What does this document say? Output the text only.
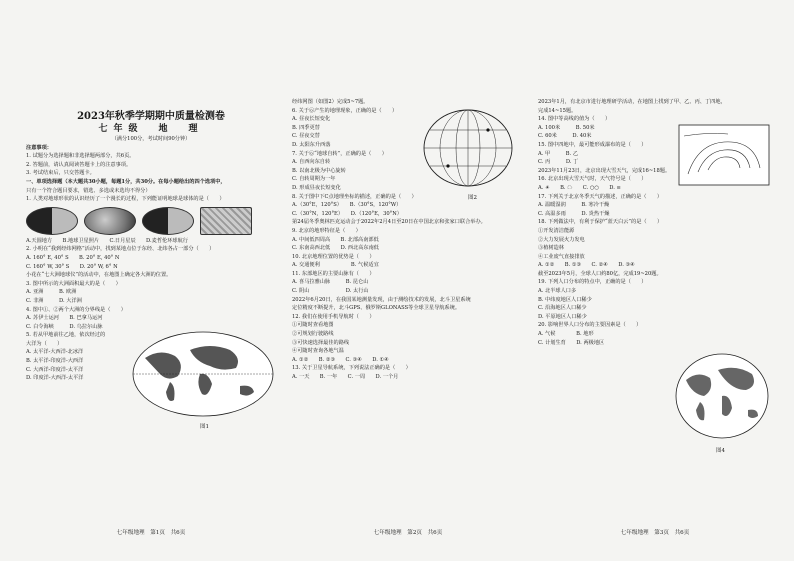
2023年秋季学期期中质量检测卷
七年级　地　理
（满分100分，考试时间90分钟）

注意事项：

1. 试题分为选择题和非选择题两部分，共6页。

2. 答题前，请认真阅读答题卡上的注意事项。

3. 考试结束后，只交答题卡。

一、单项选择题（本大题共30小题，每题1分，共30分。在每小题给出的四个选项中，

只有一个符合题目要求，错选、多选或未选均不得分）

1. 人类对地球形状的认识经历了一个漫长的过程，下列能证明地球是球体的是（　　）

A.天圆地方　　B.地球卫星照片　　C.日月星辰　　D.麦哲伦环球航行

2. 小明在“我到经纬网格”活动中，找到某地点位于东经、北纬各占一部分（　　）

A. 160° E, 40° S　　B. 20° E, 40° N

C. 160° W, 30° S　　D. 20° W, 6° N

小花在“七大洲地球仪”的活动中，在地图上确定各大洲的位置。

3. 图中所示的大洲面积最大的是（　　）

A. 亚洲　　　B. 欧洲

C. 非洲　　　D. 大洋洲

4. 图中①、②两个大洲的分界线是（　　）

A. 苏伊士运河　　B. 巴拿马运河

C. 白令海峡　　　D. 乌拉尔山脉

5. 若从甲地前往乙地，依次经过的

大洋为（　　）

A. 太平洋-大西洋-北冰洋

B. 太平洋-印度洋-大西洋

C. 大西洋-印度洋-太平洋

D. 印度洋-大西洋-太平洋

图1

经纬网图（如图2）完成5~7题。

6. 关于⑥产生的地理现象，正确的是（　　）

A. 昼夜长短变化

B. 四季更替

C. 昼夜交替

D. 太阳东升西落

7. 关于⑥“地球自转”，正确的是（　　）

A. 自西向东自转

B. 以南北极为中心旋转

C. 自转周期为一年

D. 形成昼夜长短变化

8. 关于图中下C点地理坐标的描述，正确的是（　　）

A.（30°E，120°S）　　B.（30°S，120°W）

C.（30°N，120°E）　　D.（120°E，30°N）

第24届冬季奥林匹克运动会于2022年2月4日至20日在中国北京和张家口联合举办。

9. 北京的地形特征是（　　）

A. 中间低四周高　　B. 北部高南部低

C. 东南高西北低　　D. 西北高东南低

10. 北京地理位置的优势是（　　）

A. 交通便利　　　　　　B. 气候适宜

11. 东部地区的主要山脉有（　　）

A. 喜马拉雅山脉　　　B. 昆仑山

C. 阴山　　　　　　　D. 太行山

2022年6月20日，在我国某地测量发现，由于测绘技术的发展，北斗卫星系统

定位精度不断提升，北斗GPS、俄罗斯GLONASS等全球卫星导航系统。

12. 我们在使用手机导航时（　　）

①可随时查看地图

②可规划行驶路线

③可快速选择最佳的路线

④可随时查询各地气温

A. ①②　　B. ②③　　C. ③④　　D. ①④

13. 关于卫星导航系统，下列说法正确的是（　　）

A. 一天　　B. 一年　　C. 一周　　D. 一个月

图2

2023年1月，有北京市进行地理研学活动，在地图上找到了甲、乙、丙、丁四地，

完成14~15题。

14. 图中等高线的值为（　　）

A. 100米　　　B. 50米

C. 60米　　　D. 40米

15. 图中四地中，最可能形成瀑布的是（　　）

A. 甲　　　B. 乙

C. 丙　　　D. 丁

2023年11月23日，北京出现大雪天气，完成16~18题。

16. 北京出现大雪天气时，天气符号是（　　）

A. ☀　　B. ☁　　C. ○○　　D. ≡

17. 下列关于北京冬季天气的描述，正确的是（　　）

A. 温暖湿润　　　B. 寒冷干燥

C. 高温多雨　　　D. 炎热干燥

18. 下列做法中，有利于保护“蓝天白云”的是（　　）

①开发清洁能源

②大力发展火力发电

③植树造林

④工业废气直接排放

A. ①②　　B. ①③　　C. ②④　　D. ③④

截至2023年5月，全球人口约80亿，完成19~20题。

19. 下列人口分布的特点中，正确的是（　　）

A. 北半球人口多

B. 中纬度地区人口稀少

C. 沿海地区人口稀少

D. 平原地区人口稀少

20. 影响世界人口分布的主要因素是（　　）

A. 气候　　　　B. 地形

C. 计划生育　　D. 两极地区

图4
七年级地理　第1页　共6页	七年级地理　第2页　共6页	七年级地理　第3页　共6页
